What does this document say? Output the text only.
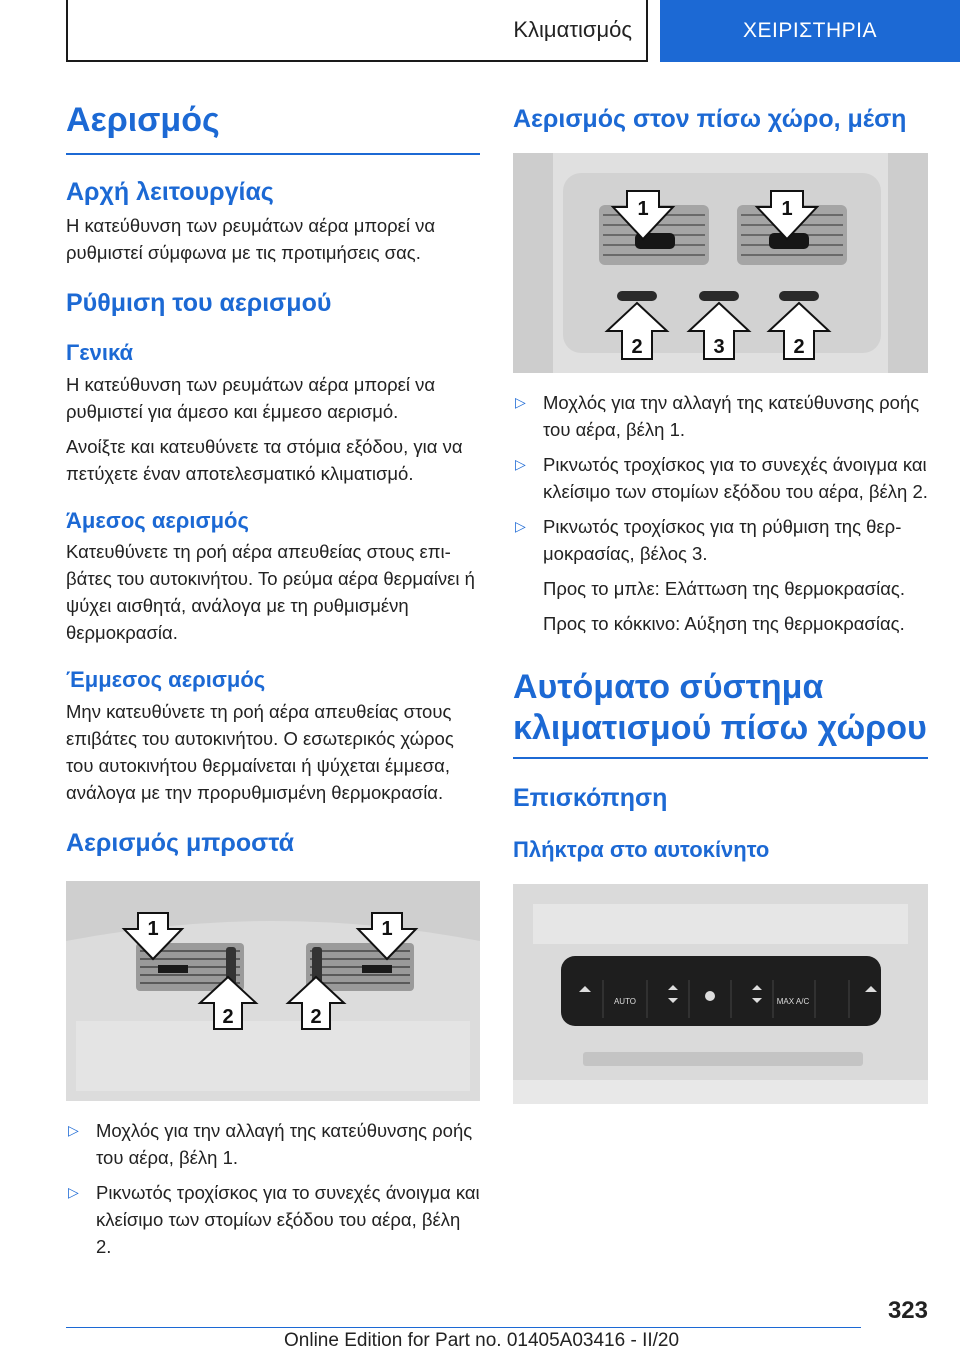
Κλιματισμός	ΧΕΙΡΙΣΤΗΡΙΑ
Αερισμός
Αρχή λειτουργίας

Η κατεύθυνση των ρευμάτων αέρα μπορεί να ρυθμιστεί σύμφωνα με τις προτιμήσεις σας.

Ρύθμιση του αερισμού
Γενικά

Η κατεύθυνση των ρευμάτων αέρα μπορεί να ρυθμιστεί για άμεσο και έμμεσο αερισμό.

Ανοίξτε και κατευθύνετε τα στόμια εξόδου, για να πετύχετε έναν αποτελεσματικό κλιματισμό.

Άμεσος αερισμός

Κατευθύνετε τη ροή αέρα απευθείας στους επιβάτες του αυτοκινήτου. Το ρεύμα αέρα θερμαίνει ή ψύχει αισθητά, ανάλογα με τη ρυθμισμένη θερμοκρασία.

Έμμεσος αερισμός

Μην κατευθύνετε τη ροή αέρα απευθείας στους επιβάτες του αυτοκινήτου. Ο εσωτερικός χώρος του αυτοκινήτου θερμαίνεται ή ψύχεται έμμεσα, ανάλογα με την προρυθμισμένη θερμοκρασία.

Αερισμός μπροστά
1	1
2	2
▷ Μοχλός για την αλλαγή της κατεύθυνσης ροής του αέρα, βέλη 1.
▷ Ρικνωτός τροχίσκος για το συνεχές άνοιγμα και κλείσιμο των στομίων εξόδου του αέρα, βέλη 2.
Αερισμός στον πίσω χώρο, μέση
1	1
2	3	2
▷ Μοχλός για την αλλαγή της κατεύθυνσης ροής του αέρα, βέλη 1.
▷ Ρικνωτός τροχίσκος για το συνεχές άνοιγμα και κλείσιμο των στομίων εξόδου του αέρα, βέλη 2.
▷ Ρικνωτός τροχίσκος για τη ρύθμιση της θερμοκρασίας, βέλος 3.
Προς το μπλε: Ελάττωση της θερμοκρασίας.
Προς το κόκκινο: Αύξηση της θερμοκρασίας.
Αυτόματο σύστημα κλιματισμού πίσω χώρου
Επισκόπηση
Πλήκτρα στο αυτοκίνητο
AUTO	MAX A/C
323
Online Edition for Part no. 01405A03416 - II/20
